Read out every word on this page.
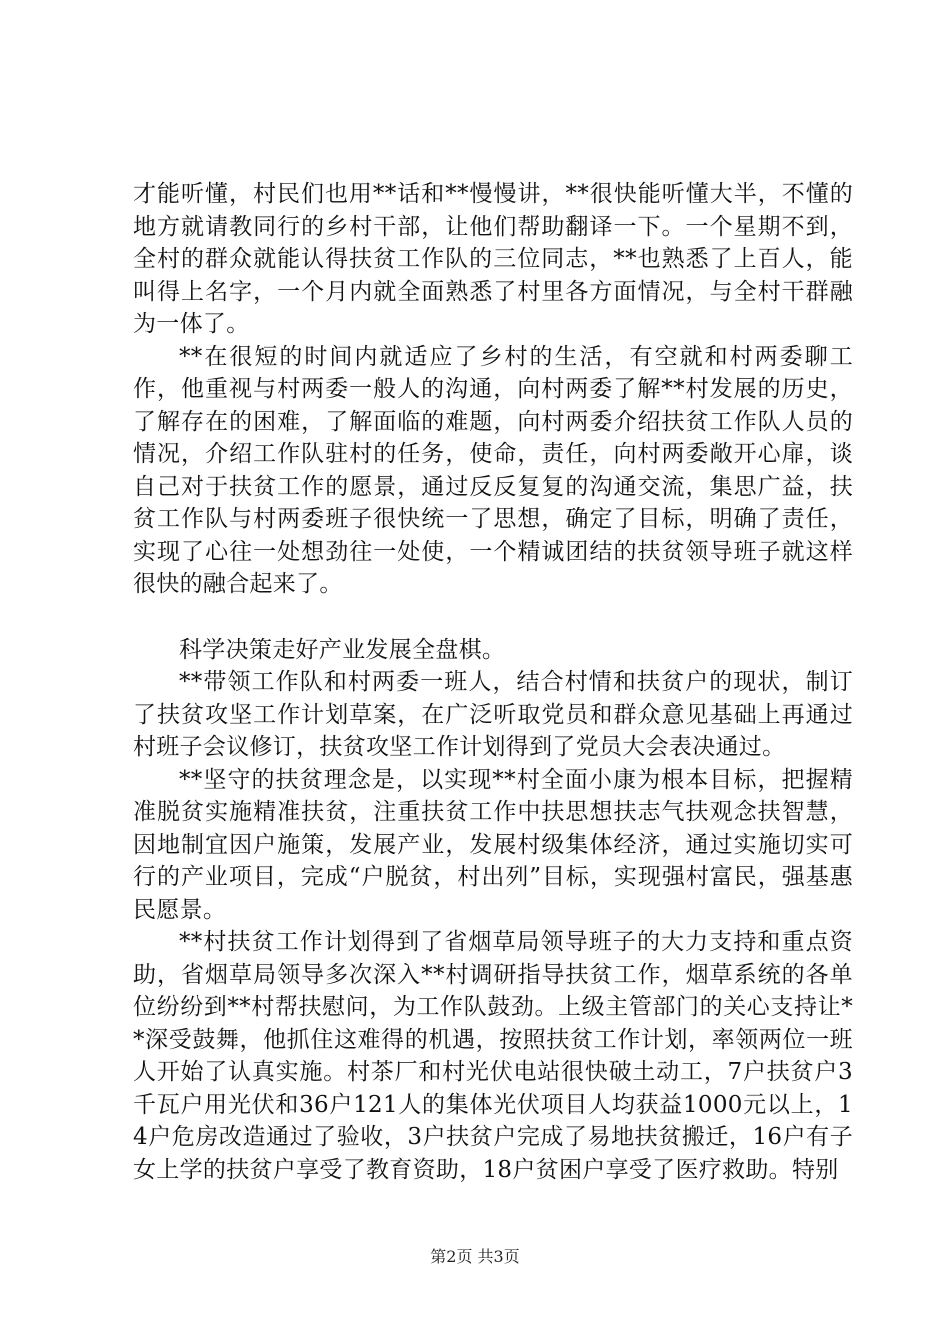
才能听懂，村民们也用**话和**慢慢讲，**很快能听懂大半，不懂的地方就请教同行的乡村干部，让他们帮助翻译一下。一个星期不到，全村的群众就能认得扶贫工作队的三位同志，**也熟悉了上百人，能叫得上名字，一个月内就全面熟悉了村里各方面情况，与全村干群融为一体了。

**在很短的时间内就适应了乡村的生活，有空就和村两委聊工作，他重视与村两委一般人的沟通，向村两委了解**村发展的历史，了解存在的困难，了解面临的难题，向村两委介绍扶贫工作队人员的情况，介绍工作队驻村的任务，使命，责任，向村两委敞开心扉，谈自己对于扶贫工作的愿景，通过反反复复的沟通交流，集思广益，扶贫工作队与村两委班子很快统一了思想，确定了目标，明确了责任，实现了心往一处想劲往一处使，一个精诚团结的扶贫领导班子就这样很快的融合起来了。

科学决策走好产业发展全盘棋。

**带领工作队和村两委一班人，结合村情和扶贫户的现状，制订了扶贫攻坚工作计划草案，在广泛听取党员和群众意见基础上再通过村班子会议修订，扶贫攻坚工作计划得到了党员大会表决通过。

**坚守的扶贫理念是，以实现**村全面小康为根本目标，把握精准脱贫实施精准扶贫，注重扶贫工作中扶思想扶志气扶观念扶智慧，因地制宜因户施策，发展产业，发展村级集体经济，通过实施切实可行的产业项目，完成“户脱贫，村出列”目标，实现强村富民，强基惠民愿景。

**村扶贫工作计划得到了省烟草局领导班子的大力支持和重点资助，省烟草局领导多次深入**村调研指导扶贫工作，烟草系统的各单位纷纷到**村帮扶慰问，为工作队鼓劲。上级主管部门的关心支持让**深受鼓舞，他抓住这难得的机遇，按照扶贫工作计划，率领两位一班人开始了认真实施。村茶厂和村光伏电站很快破土动工，7户扶贫户3千瓦户用光伏和36户121人的集体光伏项目人均获益1000元以上，14户危房改造通过了验收，3户扶贫户完成了易地扶贫搬迁，16户有子女上学的扶贫户享受了教育资助，18户贫困户享受了医疗救助。特别

第2页 共3页
